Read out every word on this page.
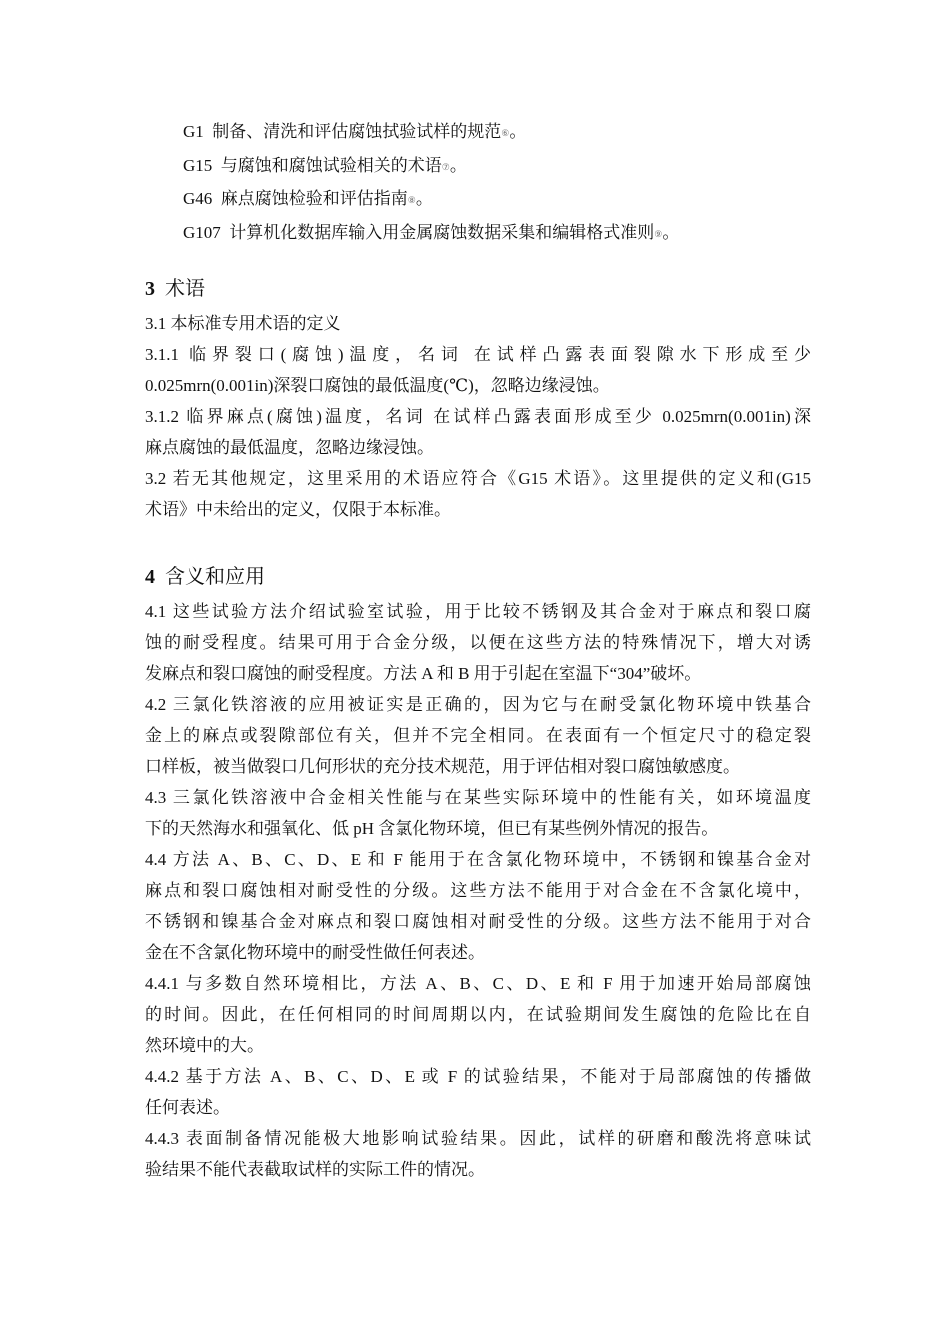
G1 制备、清洗和评估腐蚀拭验试样的规范⑥。
G15 与腐蚀和腐蚀试验相关的术语⑦。
G46 麻点腐蚀检验和评估指南⑧。
G107 计算机化数据库输入用金属腐蚀数据采集和编辑格式准则⑨。
3 术语

3.1 本标准专用术语的定义

3.1.1 临界裂口(腐蚀)温度，名词 在试样凸露表面裂隙水下形成至少

0.025mrn(0.001in)深裂口腐蚀的最低温度(℃)，忽略边缘浸蚀。

3.1.2 临界麻点(腐蚀)温度，名词 在试样凸露表面形成至少 0.025mrn(0.001in)深

麻点腐蚀的最低温度，忽略边缘浸蚀。

3.2 若无其他规定，这里采用的术语应符合《G15 术语》。这里提供的定义和(G15

术语》中未给出的定义，仅限于本标准。

4 含义和应用

4.1 这些试验方法介绍试验室试验，用于比较不锈钢及其合金对于麻点和裂口腐

蚀的耐受程度。结果可用于合金分级，以便在这些方法的特殊情况下，增大对诱

发麻点和裂口腐蚀的耐受程度。方法 A 和 B 用于引起在室温下“304”破坏。

4.2 三氯化铁溶液的应用被证实是正确的，因为它与在耐受氯化物环境中铁基合

金上的麻点或裂隙部位有关，但并不完全相同。在表面有一个恒定尺寸的稳定裂

口样板，被当做裂口几何形状的充分技术规范，用于评估相对裂口腐蚀敏感度。

4.3 三氯化铁溶液中合金相关性能与在某些实际环境中的性能有关，如环境温度

下的天然海水和强氧化、低 pH 含氯化物环境，但已有某些例外情况的报告。

4.4 方法 A、B、C、D、E 和 F 能用于在含氯化物环境中，不锈钢和镍基合金对

麻点和裂口腐蚀相对耐受性的分级。这些方法不能用于对合金在不含氯化境中，

不锈钢和镍基合金对麻点和裂口腐蚀相对耐受性的分级。这些方法不能用于对合

金在不含氯化物环境中的耐受性做任何表述。

4.4.1 与多数自然环境相比，方法 A、B、C、D、E 和 F 用于加速开始局部腐蚀

的时间。因此，在任何相同的时间周期以内，在试验期间发生腐蚀的危险比在自

然环境中的大。

4.4.2 基于方法 A、B、C、D、E 或 F 的试验结果，不能对于局部腐蚀的传播做

任何表述。

4.4.3 表面制备情况能极大地影响试验结果。因此，试样的研磨和酸洗将意味试

验结果不能代表截取试样的实际工件的情况。
